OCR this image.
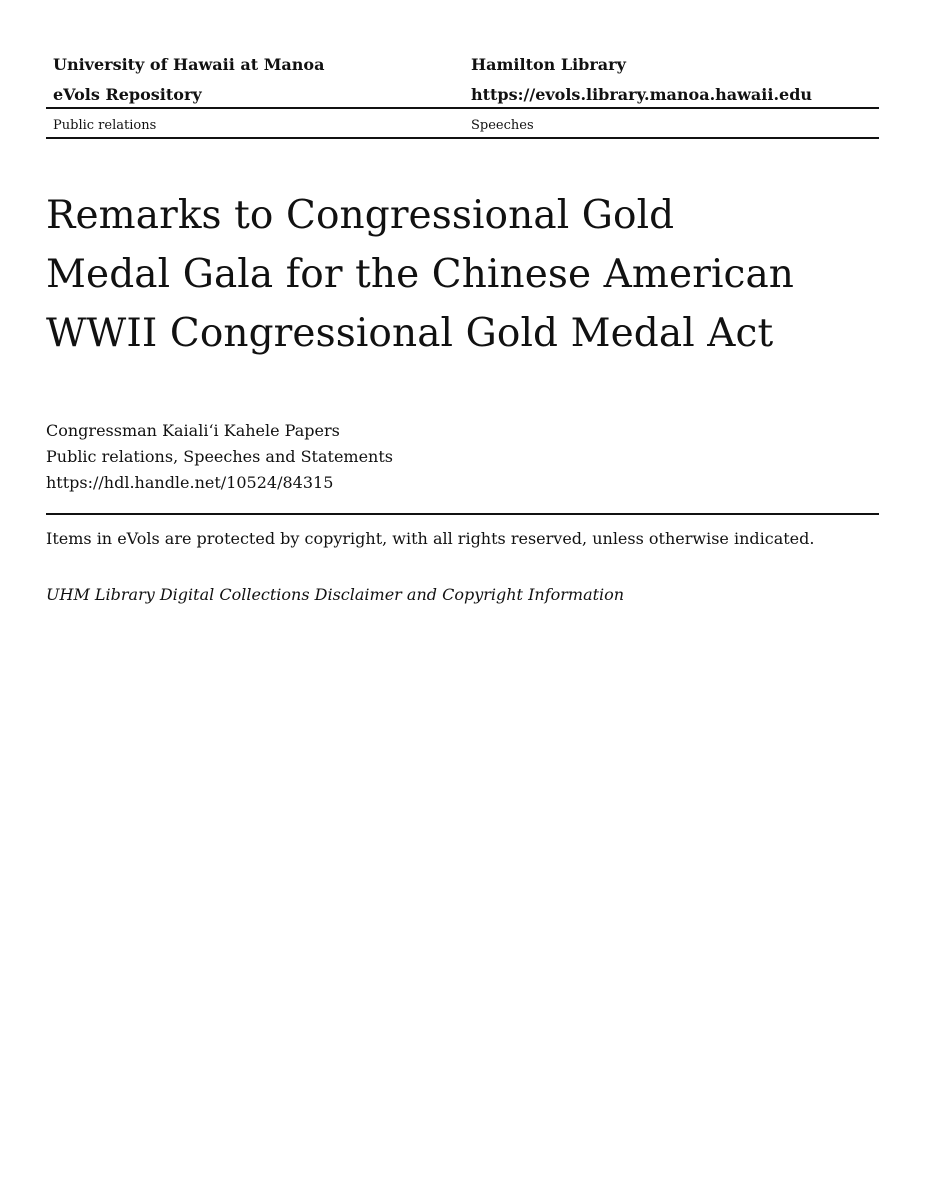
University of Hawaii at Manoa	Hamilton Library
eVols Repository	https://evols.library.manoa.hawaii.edu
Public relations	Speeches
Remarks to Congressional Gold
Medal Gala for the Chinese American
WWII Congressional Gold Medal Act
Congressman Kaiali‘i Kahele Papers
Public relations, Speeches and Statements
https://hdl.handle.net/10524/84315
Items in eVols are protected by copyright, with all rights reserved, unless otherwise indicated.
UHM Library Digital Collections Disclaimer and Copyright Information
